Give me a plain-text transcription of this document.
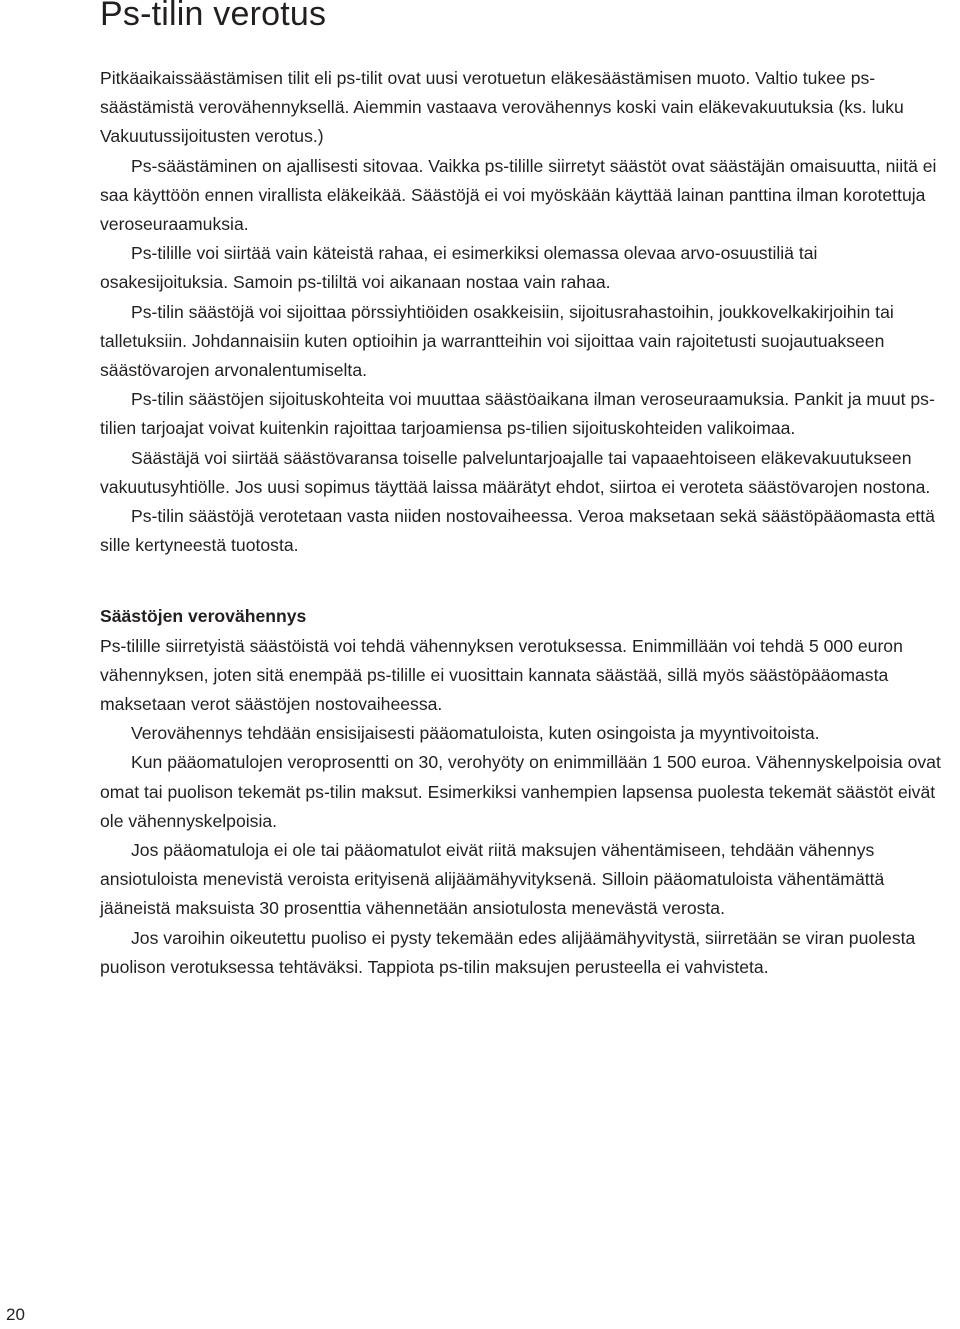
Ps-tilin verotus

Pitkäaikaissäästämisen tilit eli ps-tilit ovat uusi verotuetun eläkesäästämisen muoto. Valtio tukee ps-säästämistä verovähennyksellä. Aiemmin vastaava verovähennys koski vain eläkevakuutuksia (ks. luku Vakuutussijoitusten verotus.)

Ps-säästäminen on ajallisesti sitovaa. Vaikka ps-tilille siirretyt säästöt ovat säästäjän omaisuutta, niitä ei saa käyttöön ennen virallista eläkeikää. Säästöjä ei voi myöskään käyttää lainan panttina ilman korotettuja veroseuraamuksia.

Ps-tilille voi siirtää vain käteistä rahaa, ei esimerkiksi olemassa olevaa arvo-osuustiliä tai osakesijoituksia. Samoin ps-tililtä voi aikanaan nostaa vain rahaa.

Ps-tilin säästöjä voi sijoittaa pörssiyhtiöiden osakkeisiin, sijoitusrahastoihin, joukkovelkakirjoihin tai talletuksiin. Johdannaisiin kuten optioihin ja warrantteihin voi sijoittaa vain rajoitetusti suojautuakseen säästövarojen arvonalentumiselta.

Ps-tilin säästöjen sijoituskohteita voi muuttaa säästöaikana ilman veroseuraamuksia. Pankit ja muut ps-tilien tarjoajat voivat kuitenkin rajoittaa tarjoamiensa ps-tilien sijoituskohteiden valikoimaa.

Säästäjä voi siirtää säästövaransa toiselle palveluntarjoajalle tai vapaaehtoiseen eläkevakuutukseen vakuutusyhtiölle. Jos uusi sopimus täyttää laissa määrätyt ehdot, siirtoa ei veroteta säästövarojen nostona.

Ps-tilin säästöjä verotetaan vasta niiden nostovaiheessa. Veroa maksetaan sekä säästöpääomasta että sille kertyneestä tuotosta.

Säästöjen verovähennys

Ps-tilille siirretyistä säästöistä voi tehdä vähennyksen verotuksessa. Enimmillään voi tehdä 5 000 euron vähennyksen, joten sitä enempää ps-tilille ei vuosittain kannata säästää, sillä myös säästöpääomasta maksetaan verot säästöjen nostovaiheessa.

Verovähennys tehdään ensisijaisesti pääomatuloista, kuten osingoista ja myyntivoitoista.

Kun pääomatulojen veroprosentti on 30, verohyöty on enimmillään 1 500 euroa. Vähennyskelpoisia ovat omat tai puolison tekemät ps-tilin maksut. Esimerkiksi vanhempien lapsensa puolesta tekemät säästöt eivät ole vähennyskelpoisia.

Jos pääomatuloja ei ole tai pääomatulot eivät riitä maksujen vähentämiseen, tehdään vähennys ansiotuloista menevistä veroista erityisenä alijäämähyvityksenä. Silloin pääomatuloista vähentämättä jääneistä maksuista 30 prosenttia vähennetään ansiotulosta menevästä verosta.

Jos varoihin oikeutettu puoliso ei pysty tekemään edes alijäämähyvitystä, siirretään se viran puolesta puolison verotuksessa tehtäväksi. Tappiota ps-tilin maksujen perusteella ei vahvisteta.

20
